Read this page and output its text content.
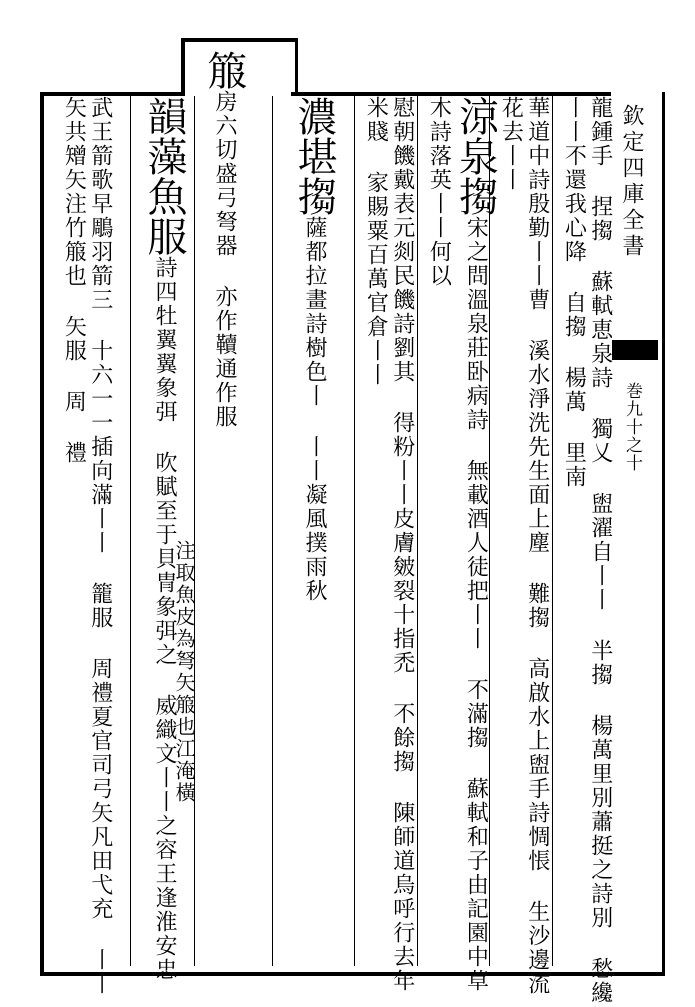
欽定四庫全書
巻九十之十
龍鍾手 捏搊 蘇軾恵泉詩 獨乂 盥濯自丨丨 半搊 楊萬里別蕭挺之詩別 愁纔丨丨不還我心降 自搊 楊萬 里南
華道中詩殷勤丨丨曹 溪水淨洗先生面上塵 難搊 高啟水上盥手詩惆悵 生沙邊流花去丨丨
涼泉搊宋之問溫泉莊卧病詩 無載酒人徒把丨丨 不滿搊 蘇軾和子由記園中草 木詩落英丨丨何以
慰朝饑戴表元剡民饑詩劉其 得粉丨丨皮膚皴裂十指禿 不餘搊 陳師道烏呼行去年米賤 家賜粟百萬官倉丨丨
濃堪搊薩都拉畫詩樹色丨 丨丨凝風撲雨秋
箙房六切盛弓弩器 亦作韇通作服
韻藻魚服詩四牡翼翼象弭 吹賦至于貝冑象弭之 威織文丨丨之容王逢淮安忠
武王箭歌早鵰羽箭三 十六一一插向滿丨丨 籠服 周禮夏官司弓矢凡田弋充 丨丨矢共矰矢注竹箙也 矢服 周 禮
注取魚皮為弩矢箙也江淹橫
